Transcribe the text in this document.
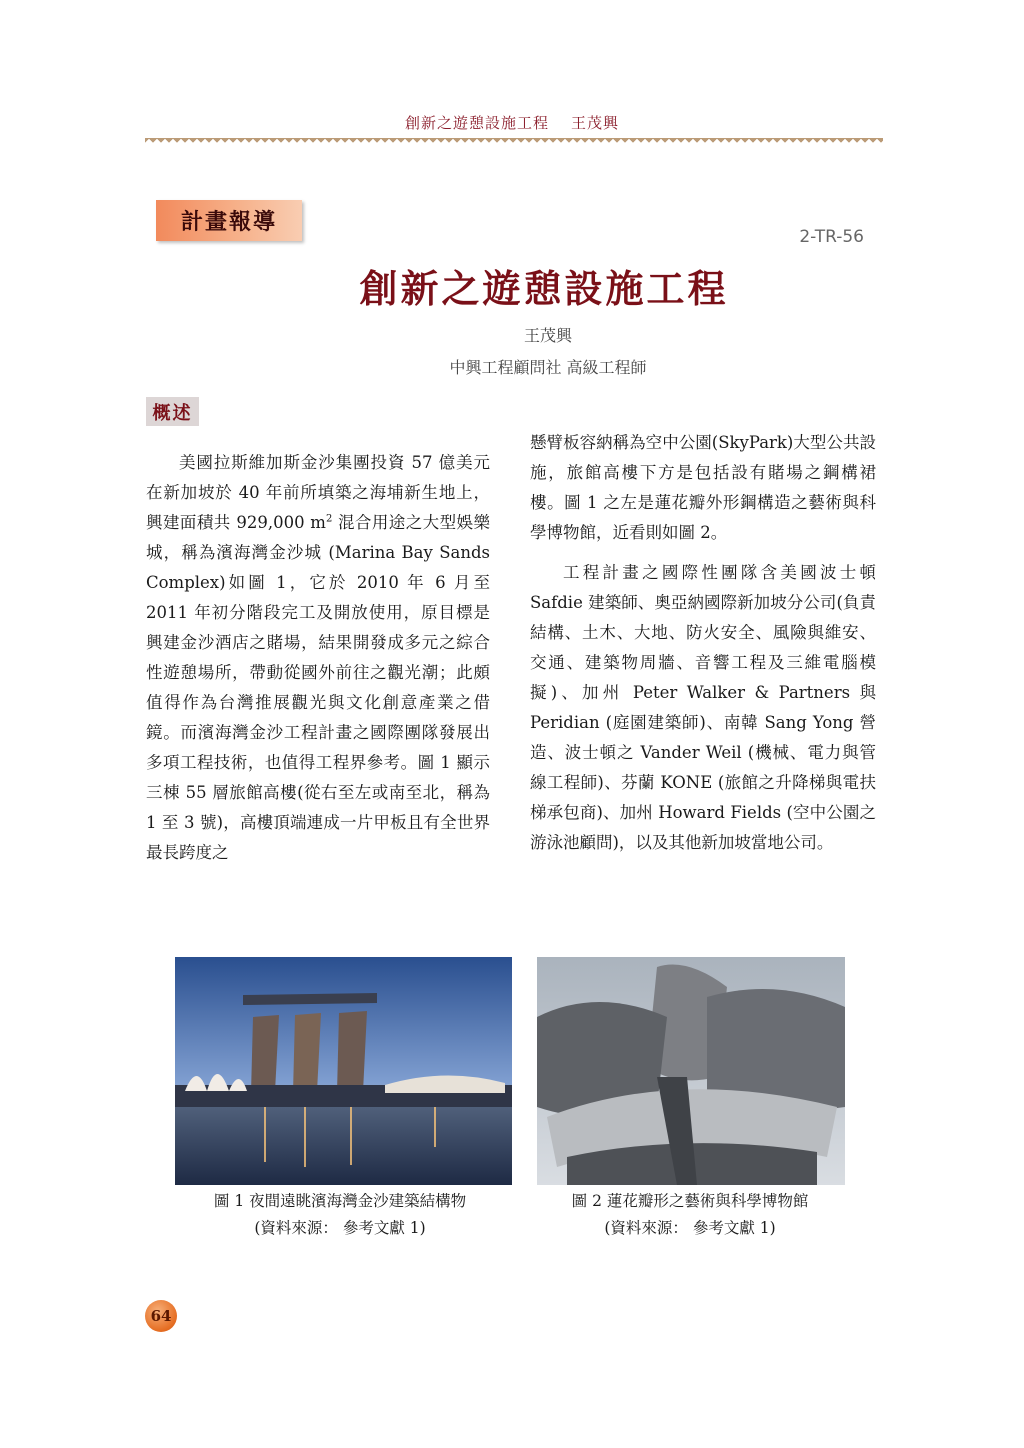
創新之遊憩設施工程 王茂興
計畫報導
2-TR-56
創新之遊憩設施工程
王茂興
中興工程顧問社 高級工程師
概述

美國拉斯維加斯金沙集團投資 57 億美元在新加坡於 40 年前所填築之海埔新生地上，興建面積共 929,000 $m^2$ 混合用途之大型娛樂城，稱為濱海灣金沙城 (Marina Bay Sands Complex)如圖 1，它於 2010 年 6 月至 2011 年初分階段完工及開放使用，原目標是興建金沙酒店之賭場，結果開發成多元之綜合性遊憩場所，帶動從國外前往之觀光潮；此頗值得作為台灣推展觀光與文化創意產業之借鏡。而濱海灣金沙工程計畫之國際團隊發展出多項工程技術，也值得工程界參考。圖 1 顯示三棟 55 層旅館高樓(從右至左或南至北，稱為 1 至 3 號)，高樓頂端連成一片甲板且有全世界最長跨度之

懸臂板容納稱為空中公園(SkyPark)大型公共設施，旅館高樓下方是包括設有賭場之鋼構裙樓。圖 1 之左是蓮花瓣外形鋼構造之藝術與科學博物館，近看則如圖 2。

工程計畫之國際性團隊含美國波士頓 Safdie 建築師、奧亞納國際新加坡分公司(負責結構、土木、大地、防火安全、風險與維安、交通、建築物周牆、音響工程及三維電腦模擬)、加州 Peter Walker & Partners 與 Peridian (庭園建築師)、南韓 Sang Yong 營造、波士頓之 Vander Weil (機械、電力與管線工程師)、芬蘭 KONE (旅館之升降梯與電扶梯承包商)、加州 Howard Fields (空中公園之游泳池顧問)，以及其他新加坡當地公司。

圖 1 夜間遠眺濱海灣金沙建築結構物
(資料來源： 參考文獻 1)
圖 2 蓮花瓣形之藝術與科學博物館
(資料來源： 參考文獻 1)
64
